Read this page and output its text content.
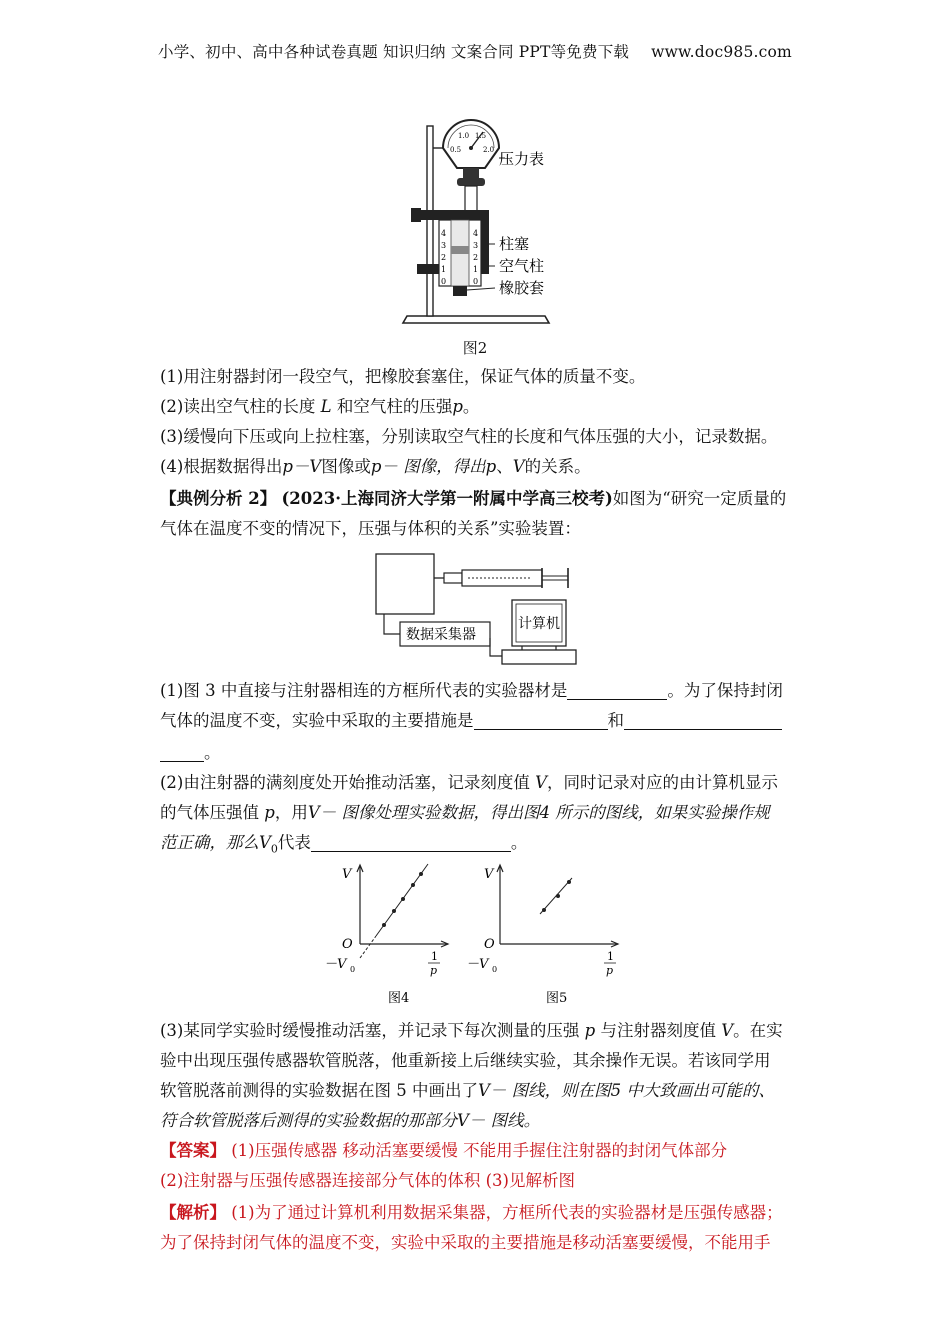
小学、初中、高中各种试卷真题 知识归纳 文案合同 PPT等免费下载 www.doc985.com
0.5
1.0 1.5
2.0
4
3
2
1
0
4
3
2
1
0
压力表
柱塞
空气柱
橡胶套
图2
(1)用注射器封闭一段空气，把橡胶套塞住，保证气体的质量不变。
(2)读出空气柱的长度 L 和空气柱的压强p。
(3)缓慢向下压或向上拉柱塞，分别读取空气柱的长度和气体压强的大小，记录数据。
(4)根据数据得出p－V图像或p－ 图像，得出p、V的关系。
【典例分析 2】 (2023·上海同济大学第一附属中学高三校考)如图为“研究一定质量的
气体在温度不变的情况下，压强与体积的关系”实验装置：
数据采集器
计算机
(1)图 3 中直接与注射器相连的方框所代表的实验器材是	。为了保持封闭
气体的温度不变，实验中采取的主要措施是	和
。
(2)由注射器的满刻度处开始推动活塞，记录刻度值 V，同时记录对应的由计算机显示
的气体压强值 p，用V－ 图像处理实验数据，得出图4 所示的图线，如果实验操作规
范正确，那么$V_0$代表	。
V
O
－V 0
1
p
图4
V
O
－V 0
1
p
图5
(3)某同学实验时缓慢推动活塞，并记录下每次测量的压强 p 与注射器刻度值 V。在实
验中出现压强传感器软管脱落，他重新接上后继续实验，其余操作无误。若该同学用
软管脱落前测得的实验数据在图 5 中画出了V－ 图线，则在图5 中大致画出可能的、
符合软管脱落后测得的实验数据的那部分V－ 图线。
【答案】 (1)压强传感器 移动活塞要缓慢 不能用手握住注射器的封闭气体部分
(2)注射器与压强传感器连接部分气体的体积 (3)见解析图
【解析】 (1)为了通过计算机利用数据采集器，方框所代表的实验器材是压强传感器；
为了保持封闭气体的温度不变，实验中采取的主要措施是移动活塞要缓慢，不能用手
